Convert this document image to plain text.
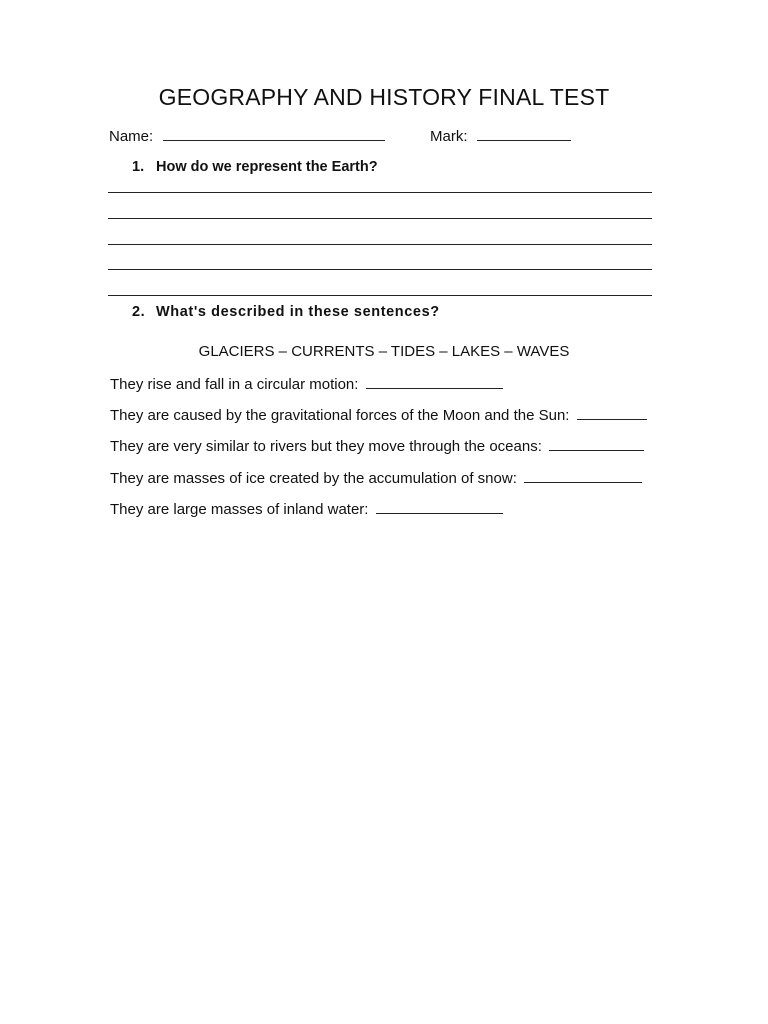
GEOGRAPHY AND HISTORY FINAL TEST
Name:	Mark:
1. How do we represent the Earth?
2. What's described in these sentences?
GLACIERS – CURRENTS – TIDES – LAKES – WAVES
They rise and fall in a circular motion:
They are caused by the gravitational forces of the Moon and the Sun:
They are very similar to rivers but they move through the oceans:
They are masses of ice created by the accumulation of snow:
They are large masses of inland water:
